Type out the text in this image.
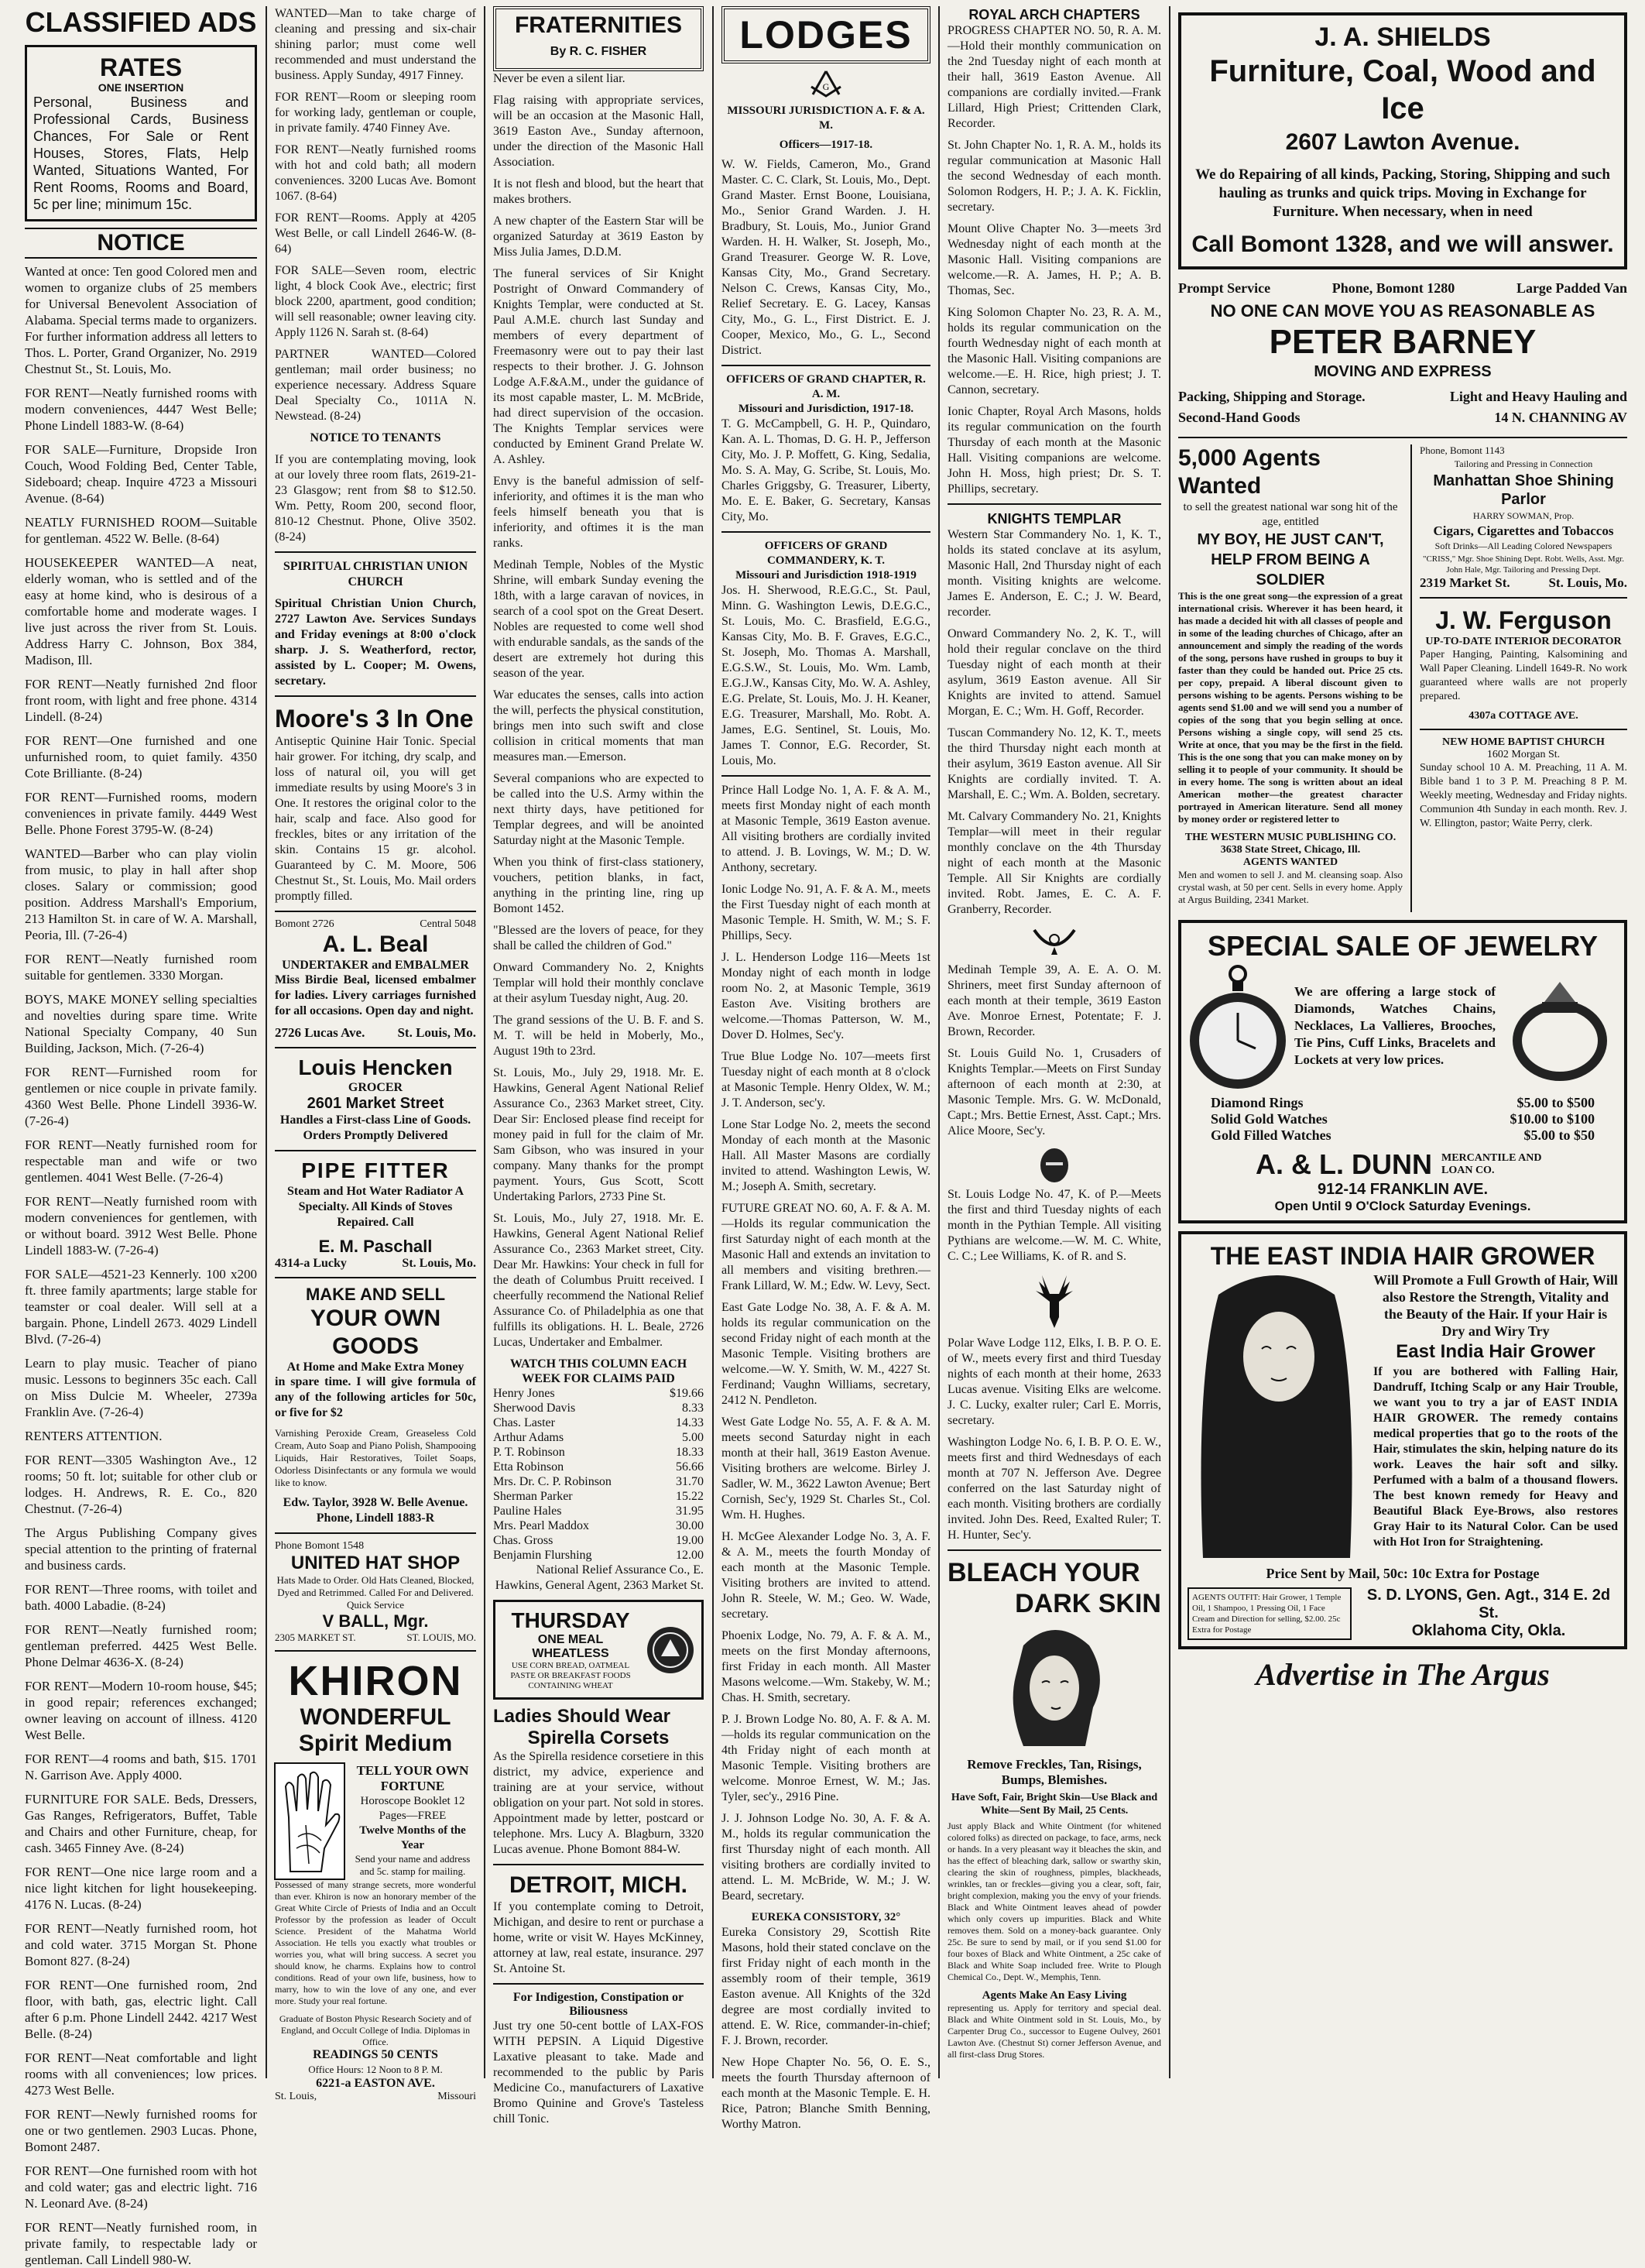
CLASSIFIED ADS
RATES
ONE INSERTION
Personal, Business and Professional Cards, Business Chances, For Sale or Rent Houses, Stores, Flats, Help Wanted, Situations Wanted, For Rent Rooms, Rooms and Board, 5c per line; minimum 15c.
NOTICE
Wanted at once: Ten good Colored men and women to organize clubs of 25 members for Universal Benevolent Association of Alabama. Special terms made to organizers. For further information address all letters to Thos. L. Porter, Grand Organizer, No. 2919 Chestnut St., St. Louis, Mo.
FOR RENT—Neatly furnished rooms with modern conveniences, 4447 West Belle; Phone Lindell 1883-W. (8-64)
FOR SALE—Furniture, Dropside Iron Couch, Wood Folding Bed, Center Table, Sideboard; cheap. Inquire 4723 a Missouri Avenue. (8-64)
NEATLY FURNISHED ROOM—Suitable for gentleman. 4522 W. Belle. (8-64)
HOUSEKEEPER WANTED—A neat, elderly woman, who is settled and of the easy at home kind, who is desirous of a comfortable home and moderate wages. I live just across the river from St. Louis. Address Harry C. Johnson, Box 384, Madison, Ill.
FOR RENT—Neatly furnished 2nd floor front room, with light and free phone. 4314 Lindell. (8-24)
FOR RENT—One furnished and one unfurnished room, to quiet family. 4350 Cote Brilliante. (8-24)
FOR RENT—Furnished rooms, modern conveniences in private family. 4449 West Belle. Phone Forest 3795-W. (8-24)
WANTED—Barber who can play violin from music, to play in hall after shop closes. Salary or commission; good position. Address Marshall's Emporium, 213 Hamilton St. in care of W. A. Marshall, Peoria, Ill. (7-26-4)
FOR RENT—Neatly furnished room suitable for gentlemen. 3330 Morgan.
BOYS, MAKE MONEY selling specialties and novelties during spare time. Write National Specialty Company, 40 Sun Building, Jackson, Mich. (7-26-4)
FOR RENT—Furnished room for gentlemen or nice couple in private family. 4360 West Belle. Phone Lindell 3936-W. (7-26-4)
FOR RENT—Neatly furnished room for respectable man and wife or two gentlemen. 4041 West Belle. (7-26-4)
FOR RENT—Neatly furnished room with modern conveniences for gentlemen, with or without board. 3912 West Belle. Phone Lindell 1883-W. (7-26-4)
FOR SALE—4521-23 Kennerly. 100 x200 ft. three family apartments; large stable for teamster or coal dealer. Will sell at a bargain. Phone, Lindell 2673. 4029 Lindell Blvd. (7-26-4)
Learn to play music. Teacher of piano music. Lessons to beginners 35c each. Call on Miss Dulcie M. Wheeler, 2739a Franklin Ave. (7-26-4)
RENTERS ATTENTION.
FOR RENT—3305 Washington Ave., 12 rooms; 50 ft. lot; suitable for other club or lodges. H. Andrews, R. E. Co., 820 Chestnut. (7-26-4)
The Argus Publishing Company gives special attention to the printing of fraternal and business cards.
FOR RENT—Three rooms, with toilet and bath. 4000 Labadie. (8-24)
FOR RENT—Neatly furnished room; gentleman preferred. 4425 West Belle. Phone Delmar 4636-X. (8-24)
FOR RENT—Modern 10-room house, $45; in good repair; references exchanged; owner leaving on account of illness. 4120 West Belle.
FOR RENT—4 rooms and bath, $15. 1701 N. Garrison Ave. Apply 4000.
FURNITURE FOR SALE. Beds, Dressers, Gas Ranges, Refrigerators, Buffet, Table and Chairs and other Furniture, cheap, for cash. 3465 Finney Ave. (8-24)
FOR RENT—One nice large room and a nice light kitchen for light housekeeping. 4176 N. Lucas. (8-24)
FOR RENT—Neatly furnished room, hot and cold water. 3715 Morgan St. Phone Bomont 827. (8-24)
FOR RENT—One furnished room, 2nd floor, with bath, gas, electric light. Call after 6 p.m. Phone Lindell 2442. 4217 West Belle. (8-24)
FOR RENT—Neat comfortable and light rooms with all conveniences; low prices. 4273 West Belle.
FOR RENT—Newly furnished rooms for one or two gentlemen. 2903 Lucas. Phone, Bomont 2487.
FOR RENT—One furnished room with hot and cold water; gas and electric light. 716 N. Leonard Ave. (8-24)
FOR RENT—Neatly furnished room, in private family, to respectable lady or gentleman. Call Lindell 980-W.
WANTED—Man to take charge of cleaning and pressing and six-chair shining parlor; must come well recommended and must understand the business. Apply Sunday, 4917 Finney.
FOR RENT—Room or sleeping room for working lady, gentleman or couple, in private family. 4740 Finney Ave.
FOR RENT—Neatly furnished rooms with hot and cold bath; all modern conveniences. 3200 Lucas Ave. Bomont 1067. (8-64)
FOR RENT—Rooms. Apply at 4205 West Belle, or call Lindell 2646-W. (8-64)
FOR SALE—Seven room, electric light, 4 block Cook Ave., electric; first block 2200, apartment, good condition; will sell reasonable; owner leaving city. Apply 1126 N. Sarah st. (8-64)
PARTNER WANTED—Colored gentleman; mail order business; no experience necessary. Address Square Deal Specialty Co., 1011A N. Newstead. (8-24)
NOTICE TO TENANTS
If you are contemplating moving, look at our lovely three room flats, 2619-21-23 Glasgow; rent from $8 to $12.50. Wm. Petty, Room 200, second floor, 810-12 Chestnut. Phone, Olive 3502. (8-24)
SPIRITUAL CHRISTIAN UNION CHURCH
Spiritual Christian Union Church, 2727 Lawton Ave. Services Sundays and Friday evenings at 8:00 o'clock sharp. J. S. Weatherford, rector, assisted by L. Cooper; M. Owens, secretary.
Moore's 3 In One
Antiseptic Quinine Hair Tonic. Special hair grower. For itching, dry scalp, and loss of natural oil, you will get immediate results by using Moore's 3 in One. It restores the original color to the hair, scalp and face. Also good for freckles, bites or any irritation of the skin. Contains 15 gr. alcohol. Guaranteed by C. M. Moore, 506 Chestnut St., St. Louis, Mo. Mail orders promptly filled.
Bomont 2726	Central 5048
A. L. Beal
UNDERTAKER and EMBALMER
Miss Birdie Beal, licensed embalmer for ladies. Livery carriages furnished for all occasions. Open day and night.
2726 Lucas Ave. St. Louis, Mo.
Louis Hencken
GROCER
2601 Market Street
Handles a First-class Line of Goods. Orders Promptly Delivered
PIPE FITTER
Steam and Hot Water Radiator A Specialty. All Kinds of Stoves Repaired. Call
E. M. Paschall
4314-a Lucky	St. Louis, Mo.
MAKE AND SELL
YOUR OWN GOODS
At Home and Make Extra Money
in spare time. I will give formula of any of the following articles for 50c, or five for $2
Varnishing Peroxide Cream, Greaseless Cold Cream, Auto Soap and Piano Polish, Shampooing Liquids, Hair Restoratives, Toilet Soaps, Odorless Disinfectants or any formula we would like to know.
Edw. Taylor, 3928 W. Belle Avenue. Phone, Lindell 1883-R
Phone Bomont 1548
UNITED HAT SHOP
Hats Made to Order. Old Hats Cleaned, Blocked, Dyed and Retrimmed. Called For and Delivered. Quick Service
V BALL, Mgr.
2305 MARKET ST.	ST. LOUIS, MO.
KHIRON
WONDERFUL
Spirit Medium
TELL YOUR OWN
FORTUNE
Horoscope Booklet 12 Pages—FREE
Twelve Months of the Year
Send your name and address and 5c. stamp for mailing.
Possessed of many strange secrets, more wonderful than ever. Khiron is now an honorary member of the Great White Circle of Priests of India and an Occult Professor by the profession as leader of Occult Science. President of the Mahatma World Association. He tells you exactly what troubles or worries you, what will bring success. A secret you should know, he charms. Explains how to control conditions. Read of your own life, business, how to marry, how to win the love of any one, and ever more. Study your real fortune.
Graduate of Boston Physic Research Society and of England, and Occult College of India. Diplomas in Office.
READINGS 50 CENTS
Office Hours: 12 Noon to 8 P. M.
6221-a EASTON AVE.
St. Louis,	Missouri
FRATERNITIES
By R. C. FISHER
Never be even a silent liar.
Flag raising with appropriate services, will be an occasion at the Masonic Hall, 3619 Easton Ave., Sunday afternoon, under the direction of the Masonic Hall Association.
It is not flesh and blood, but the heart that makes brothers.
A new chapter of the Eastern Star will be organized Saturday at 3619 Easton by Miss Julia James, D.D.M.
The funeral services of Sir Knight Postright of Onward Commandery of Knights Templar, were conducted at St. Paul A.M.E. church last Sunday and members of every department of Freemasonry were out to pay their last respects to their brother. J. G. Johnson Lodge A.F.&A.M., under the guidance of its most capable master, L. M. McBride, had direct supervision of the occasion. The Knights Templar services were conducted by Eminent Grand Prelate W. A. Ashley.
Envy is the baneful admission of self-inferiority, and oftimes it is the man who feels himself beneath you that is inferiority, and oftimes it is the man ranks.
Medinah Temple, Nobles of the Mystic Shrine, will embark Sunday evening the 18th, with a large caravan of novices, in search of a cool spot on the Great Desert. Nobles are requested to come well shod with endurable sandals, as the sands of the desert are extremely hot during this season of the year.
War educates the senses, calls into action the will, perfects the physical constitution, brings men into such swift and close collision in critical moments that man measures man.—Emerson.
Several companions who are expected to be called into the U.S. Army within the next thirty days, have petitioned for Templar degrees, and will be anointed Saturday night at the Masonic Temple.
When you think of first-class stationery, vouchers, petition blanks, in fact, anything in the printing line, ring up Bomont 1452.
"Blessed are the lovers of peace, for they shall be called the children of God."
Onward Commandery No. 2, Knights Templar will hold their monthly conclave at their asylum Tuesday night, Aug. 20.
The grand sessions of the U. B. F. and S. M. T. will be held in Moberly, Mo., August 19th to 23rd.
St. Louis, Mo., July 29, 1918. Mr. E. Hawkins, General Agent National Relief Assurance Co., 2363 Market street, City. Dear Sir: Enclosed please find receipt for money paid in full for the claim of Mr. Sam Gibson, who was insured in your company. Many thanks for the prompt payment. Yours, Gus Scott, Scott Undertaking Parlors, 2733 Pine St.
St. Louis, Mo., July 27, 1918. Mr. E. Hawkins, General Agent National Relief Assurance Co., 2363 Market street, City. Dear Mr. Hawkins: Your check in full for the death of Columbus Pruitt received. I cheerfully recommend the National Relief Assurance Co. of Philadelphia as one that fulfills its obligations. H. L. Beale, 2726 Lucas, Undertaker and Embalmer.
WATCH THIS COLUMN EACH WEEK FOR CLAIMS PAID
Henry Jones	$19.66
Sherwood Davis	8.33
Chas. Laster	14.33
Arthur Adams	5.00
P. T. Robinson	18.33
Etta Robinson	56.66
Mrs. Dr. C. P. Robinson	31.70
Sherman Parker	15.22
Pauline Hales	31.95
Mrs. Pearl Maddox	30.00
Chas. Gross	19.00
Benjamin Flurshing	12.00
National Relief Assurance Co., E. Hawkins, General Agent, 2363 Market St.
THURSDAY
ONE MEAL WHEATLESS
USE CORN BREAD, OATMEAL PASTE OR BREAKFAST FOODS CONTAINING WHEAT
Ladies Should Wear
Spirella Corsets
As the Spirella residence corsetiere in this district, my advice, experience and training are at your service, without obligation on your part. Not sold in stores. Appointment made by letter, postcard or telephone. Mrs. Lucy A. Blagburn, 3320 Lucas avenue. Phone Bomont 884-W.
DETROIT, MICH.
If you contemplate coming to Detroit, Michigan, and desire to rent or purchase a home, write or visit W. Hayes McKinney, attorney at law, real estate, insurance. 297 St. Antoine St.
For Indigestion, Constipation or Biliousness
Just try one 50-cent bottle of LAX-FOS WITH PEPSIN. A Liquid Digestive Laxative pleasant to take. Made and recommended to the public by Paris Medicine Co., manufacturers of Laxative Bromo Quinine and Grove's Tasteless chill Tonic.
LODGES
G
MISSOURI JURISDICTION A. F. & A. M.
Officers—1917-18.
W. W. Fields, Cameron, Mo., Grand Master. C. C. Clark, St. Louis, Mo., Dept. Grand Master. Ernst Boone, Louisiana, Mo., Senior Grand Warden. J. H. Bradbury, St. Louis, Mo., Junior Grand Warden. H. H. Walker, St. Joseph, Mo., Grand Treasurer. George W. R. Love, Kansas City, Mo., Grand Secretary. Nelson C. Crews, Kansas City, Mo., Relief Secretary. E. G. Lacey, Kansas City, Mo., G. L., First District. E. J. Cooper, Mexico, Mo., G. L., Second District.
OFFICERS OF GRAND CHAPTER, R. A. M.
Missouri and Jurisdiction, 1917-18.
T. G. McCampbell, G. H. P., Quindaro, Kan. A. L. Thomas, D. G. H. P., Jefferson City, Mo. J. P. Moffett, G. King, Sedalia, Mo. S. A. May, G. Scribe, St. Louis, Mo. Charles Griggsby, G. Treasurer, Liberty, Mo. E. E. Baker, G. Secretary, Kansas City, Mo.
OFFICERS OF GRAND COMMANDERY, K. T.
Missouri and Jurisdiction 1918-1919
Jos. H. Sherwood, R.E.G.C., St. Paul, Minn. G. Washington Lewis, D.E.G.C., St. Louis, Mo. C. Brasfield, E.G.G., Kansas City, Mo. B. F. Graves, E.G.C., St. Joseph, Mo. Thomas A. Marshall, E.G.S.W., St. Louis, Mo. Wm. Lamb, E.G.J.W., Kansas City, Mo. W. A. Ashley, E.G. Prelate, St. Louis, Mo. J. H. Keaner, E.G. Treasurer, Marshall, Mo. Robt. A. James, E.G. Sentinel, St. Louis, Mo. James T. Connor, E.G. Recorder, St. Louis, Mo.
Prince Hall Lodge No. 1, A. F. & A. M., meets first Monday night of each month at Masonic Temple, 3619 Easton avenue. All visiting brothers are cordially invited to attend. J. B. Lovings, W. M.; D. W. Anthony, secretary.
Ionic Lodge No. 91, A. F. & A. M., meets the First Tuesday night of each month at Masonic Temple. H. Smith, W. M.; S. F. Phillips, Secy.
J. L. Henderson Lodge 116—Meets 1st Monday night of each month in lodge room No. 2, at Masonic Temple, 3619 Easton Ave. Visiting brothers are welcome.—Thomas Patterson, W. M., Dover D. Holmes, Sec'y.
True Blue Lodge No. 107—meets first Tuesday night of each month at 8 o'clock at Masonic Temple. Henry Oldex, W. M.; J. T. Anderson, sec'y.
Lone Star Lodge No. 2, meets the second Monday of each month at the Masonic Hall. All Master Masons are cordially invited to attend. Washington Lewis, W. M.; Joseph A. Smith, secretary.
FUTURE GREAT NO. 60, A. F. & A. M.—Holds its regular communication the first Saturday night of each month at the Masonic Hall and extends an invitation to all members and visiting brethren.—Frank Lillard, W. M.; Edw. W. Levy, Sect.
East Gate Lodge No. 38, A. F. & A. M. holds its regular communication on the second Friday night of each month at the Masonic Temple. Visiting brothers are welcome.—W. Y. Smith, W. M., 4227 St. Ferdinand; Vaughn Williams, secretary, 2412 N. Pendleton.
West Gate Lodge No. 55, A. F. & A. M. meets second Saturday night in each month at their hall, 3619 Easton Avenue. Visiting brothers are welcome. Birley J. Sadler, W. M., 3622 Lawton Avenue; Bert Cornish, Sec'y, 1929 St. Charles St., Col. Wm. H. Hughes.
H. McGee Alexander Lodge No. 3, A. F. & A. M., meets the fourth Monday of each month at the Masonic Temple. Visiting brothers are invited to attend. John R. Steele, W. M.; Geo. W. Wade, secretary.
Phoenix Lodge, No. 79, A. F. & A. M., meets on the first Monday afternoons, first Friday in each month. All Master Masons welcome.—Wm. Stakeby, W. M.; Chas. H. Smith, secretary.
P. J. Brown Lodge No. 80, A. F. & A. M.—holds its regular communication on the 4th Friday night of each month at Masonic Temple. Visiting brothers are welcome. Monroe Ernest, W. M.; Jas. Tyler, sec'y., 2916 Pine.
J. J. Johnson Lodge No. 30, A. F. & A. M., holds its regular communication the first Thursday night of each month. All visiting brothers are cordially invited to attend. L. M. McBride, W. M.; J. W. Beard, secretary.
EUREKA CONSISTORY, 32°
Eureka Consistory 29, Scottish Rite Masons, hold their stated conclave on the first Friday night of each month in the assembly room of their temple, 3619 Easton avenue. All Knights of the 32d degree are most cordially invited to attend. E. W. Rice, commander-in-chief; F. J. Brown, recorder.
New Hope Chapter No. 56, O. E. S., meets the fourth Thursday afternoon of each month at the Masonic Temple. E. H. Rice, Patron; Blanche Smith Benning, Worthy Matron.
ROYAL ARCH CHAPTERS
PROGRESS CHAPTER NO. 50, R. A. M.—Hold their monthly communication on the 2nd Tuesday night of each month at their hall, 3619 Easton Avenue. All companions are cordially invited.—Frank Lillard, High Priest; Crittenden Clark, Recorder.
St. John Chapter No. 1, R. A. M., holds its regular communication at Masonic Hall the second Wednesday of each month. Solomon Rodgers, H. P.; J. A. K. Ficklin, secretary.
Mount Olive Chapter No. 3—meets 3rd Wednesday night of each month at the Masonic Hall. Visiting companions are welcome.—R. A. James, H. P.; A. B. Thomas, Sec.
King Solomon Chapter No. 23, R. A. M., holds its regular communication on the fourth Wednesday night of each month at the Masonic Hall. Visiting companions are welcome.—E. H. Rice, high priest; J. T. Cannon, secretary.
Ionic Chapter, Royal Arch Masons, holds its regular communication on the fourth Thursday of each month at the Masonic Hall. Visiting companions are welcome. John H. Moss, high priest; Dr. S. T. Phillips, secretary.
KNIGHTS TEMPLAR
Western Star Commandery No. 1, K. T., holds its stated conclave at its asylum, Masonic Hall, 2nd Thursday night of each month. Visiting knights are welcome. James E. Anderson, E. C.; J. W. Beard, recorder.
Onward Commandery No. 2, K. T., will hold their regular conclave on the third Tuesday night of each month at their asylum, 3619 Easton avenue. All Sir Knights are invited to attend. Samuel Morgan, E. C.; Wm. H. Goff, Recorder.
Tuscan Commandery No. 12, K. T., meets the third Thursday night each month at their asylum, 3619 Easton avenue. All Sir Knights are cordially invited. T. A. Marshall, E. C.; Wm. A. Bolden, secretary.
Mt. Calvary Commandery No. 21, Knights Templar—will meet in their regular monthly conclave on the 4th Thursday night of each month at the Masonic Temple. All Sir Knights are cordially invited. Robt. James, E. C. A. F. Granberry, Recorder.
Medinah Temple 39, A. E. A. O. M. Shriners, meet first Sunday afternoon of each month at their temple, 3619 Easton Ave. Monroe Ernest, Potentate; F. J. Brown, Recorder.
St. Louis Guild No. 1, Crusaders of Knights Templar.—Meets on First Sunday afternoon of each month at 2:30, at Masonic Temple. Mrs. G. W. McDonald, Capt.; Mrs. Bettie Ernest, Asst. Capt.; Mrs. Alice Moore, Sec'y.
St. Louis Lodge No. 47, K. of P.—Meets the first and third Tuesday nights of each month in the Pythian Temple. All visiting Pythians are welcome.—W. M. C. White, C. C.; Lee Williams, K. of R. and S.
Polar Wave Lodge 112, Elks, I. B. P. O. E. of W., meets every first and third Tuesday nights of each month at their home, 2633 Lucas avenue. Visiting Elks are welcome. J. C. Lucky, exalter ruler; Carl E. Morris, secretary.
Washington Lodge No. 6, I. B. P. O. E. W., meets first and third Wednesdays of each month at 707 N. Jefferson Ave. Degree conferred on the last Saturday night of each month. Visiting brothers are cordially invited. John Des. Reed, Exalted Ruler; T. H. Hunter, Sec'y.
BLEACH YOUR
DARK SKIN
Remove Freckles, Tan, Risings, Bumps, Blemishes.
Have Soft, Fair, Bright Skin—Use Black and White—Sent By Mail, 25 Cents.
Just apply Black and White Ointment (for whitened colored folks) as directed on package, to face, arms, neck or hands. In a very pleasant way it bleaches the skin, and has the effect of bleaching dark, sallow or swarthy skin, clearing the skin of roughness, pimples, blackheads, wrinkles, tan or freckles—giving you a clear, soft, fair, bright complexion, making you the envy of your friends. Black and White Ointment leaves ahead of powder which only covers up impurities. Black and White removes them. Sold on a money-back guarantee. Only 25c. Be sure to send by mail, or if you send $1.00 for four boxes of Black and White Ointment, a 25c cake of Black and White Soap included free. Write to Plough Chemical Co., Dept. W., Memphis, Tenn.
Agents Make An Easy Living
representing us. Apply for territory and special deal. Black and White Ointment sold in St. Louis, Mo., by Carpenter Drug Co., successor to Eugene Oulvey, 2601 Lawton Ave. (Chestnut St) corner Jefferson Avenue, and all first-class Drug Stores.
J. A. SHIELDS
Furniture, Coal, Wood and Ice
2607 Lawton Avenue.
We do Repairing of all kinds, Packing, Storing, Shipping and such hauling as trunks and quick trips. Moving in Exchange for Furniture. When necessary, when in need
Call Bomont 1328, and we will answer.
Prompt Service	Phone, Bomont 1280	Large Padded Van
NO ONE CAN MOVE YOU AS REASONABLE AS
PETER BARNEY
MOVING AND EXPRESS
Packing, Shipping and Storage.	Light and Heavy Hauling and
Second-Hand Goods	14 N. CHANNING AV
5,000 Agents Wanted
to sell the greatest national war song hit of the age, entitled
MY BOY, HE JUST CAN'T, HELP FROM BEING A SOLDIER
This is the one great song—the expression of a great international crisis. Wherever it has been heard, it has made a decided hit with all classes of people and in some of the leading churches of Chicago, after an announcement and simply the reading of the words of the song, persons have rushed in groups to buy it faster than they could be handed out. Price 25 cts. per copy, prepaid. A liberal discount given to persons wishing to be agents. Persons wishing to be agents send $1.00 and we will send you a number of copies of the song that you begin selling at once. Persons wishing a single copy, will send 25 cts. Write at once, that you may be the first in the field. This is the one song that you can make money on by selling it to people of your community. It should be in every home. The song is written about an ideal American mother—the greatest character portrayed in American literature. Send all money by money order or registered letter to
THE WESTERN MUSIC PUBLISHING CO.
3638 State Street, Chicago, Ill.
AGENTS WANTED
Men and women to sell J. and M. cleansing soap. Also crystal wash, at 50 per cent. Sells in every home. Apply at Argus Building, 2341 Market.
Phone, Bomont 1143
Tailoring and Pressing in Connection
Manhattan Shoe Shining Parlor
HARRY SOWMAN, Prop.
Cigars, Cigarettes and Tobaccos
Soft Drinks—All Leading Colored Newspapers
"CRISS," Mgr. Shoe Shining Dept. Robt. Wells, Asst. Mgr. John Hale, Mgr. Tailoring and Pressing Dept.
2319 Market St.	St. Louis, Mo.
J. W. Ferguson
UP-TO-DATE INTERIOR DECORATOR
Paper Hanging, Painting, Kalsomining and Wall Paper Cleaning. Lindell 1649-R. No work guaranteed where walls are not properly prepared.
4307a COTTAGE AVE.
NEW HOME BAPTIST CHURCH
1602 Morgan St.
Sunday school 10 A. M. Preaching, 11 A. M. Bible band 1 to 3 P. M. Preaching 8 P. M. Weekly meeting, Wednesday and Friday nights. Communion 4th Sunday in each month. Rev. J. W. Ellington, pastor; Waite Perry, clerk.
SPECIAL SALE OF JEWELRY
We are offering a large stock of Diamonds, Watches Chains, Necklaces, La Vallieres, Brooches, Tie Pins, Cuff Links, Bracelets and Lockets at very low prices.
Diamond Rings	$5.00 to $500
Solid Gold Watches	$10.00 to $100
Gold Filled Watches	$5.00 to $50
A. & L. DUNN MERCANTILE AND LOAN CO.
912-14 FRANKLIN AVE.
Open Until 9 O'Clock Saturday Evenings.
THE EAST INDIA HAIR GROWER
Will Promote a Full Growth of Hair, Will also Restore the Strength, Vitality and the Beauty of the Hair. If your Hair is Dry and Wiry Try
East India Hair Grower
If you are bothered with Falling Hair, Dandruff, Itching Scalp or any Hair Trouble, we want you to try a jar of EAST INDIA HAIR GROWER. The remedy contains medical properties that go to the roots of the Hair, stimulates the skin, helping nature do its work. Leaves the hair soft and silky. Perfumed with a balm of a thousand flowers. The best known remedy for Heavy and Beautiful Black Eye-Brows, also restores Gray Hair to its Natural Color. Can be used with Hot Iron for Straightening.
Price Sent by Mail, 50c: 10c Extra for Postage
AGENTS OUTFIT: Hair Grower, 1 Temple Oil, 1 Shampoo, 1 Pressing Oil, 1 Face Cream and Direction for selling, $2.00. 25c Extra for Postage
S. D. LYONS, Gen. Agt., 314 E. 2d St.
Oklahoma City, Okla.
Advertise in The Argus
